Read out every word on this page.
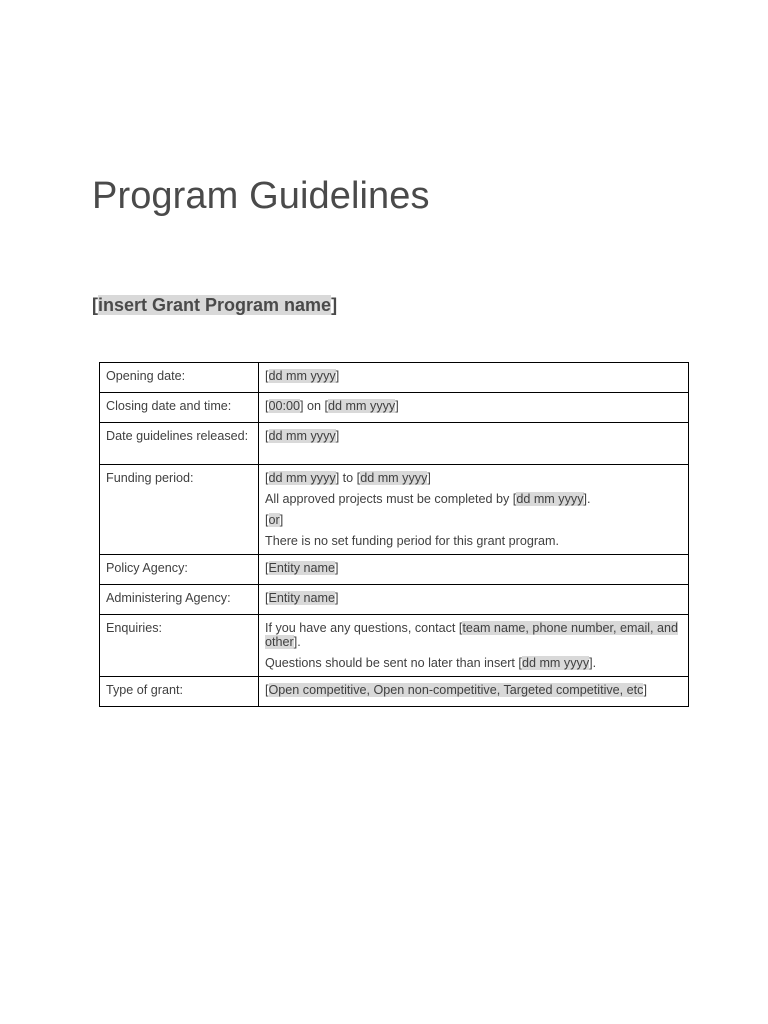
Program Guidelines
[insert Grant Program name]
Opening date:	[dd mm yyyy]
Closing date and time:	[00:00] on [dd mm yyyy]
Date guidelines released:	[dd mm yyyy]
Funding period:	[dd mm yyyy] to [dd mm yyyy]

All approved projects must be completed by [dd mm yyyy].

[or]

There is no set funding period for this grant program.

Policy Agency:	[Entity name]
Administering Agency:	[Entity name]
Enquiries:	If you have any questions, contact [team name, phone number, email, and other].

Questions should be sent no later than insert [dd mm yyyy].

Type of grant:	[Open competitive, Open non-competitive, Targeted competitive, etc]
